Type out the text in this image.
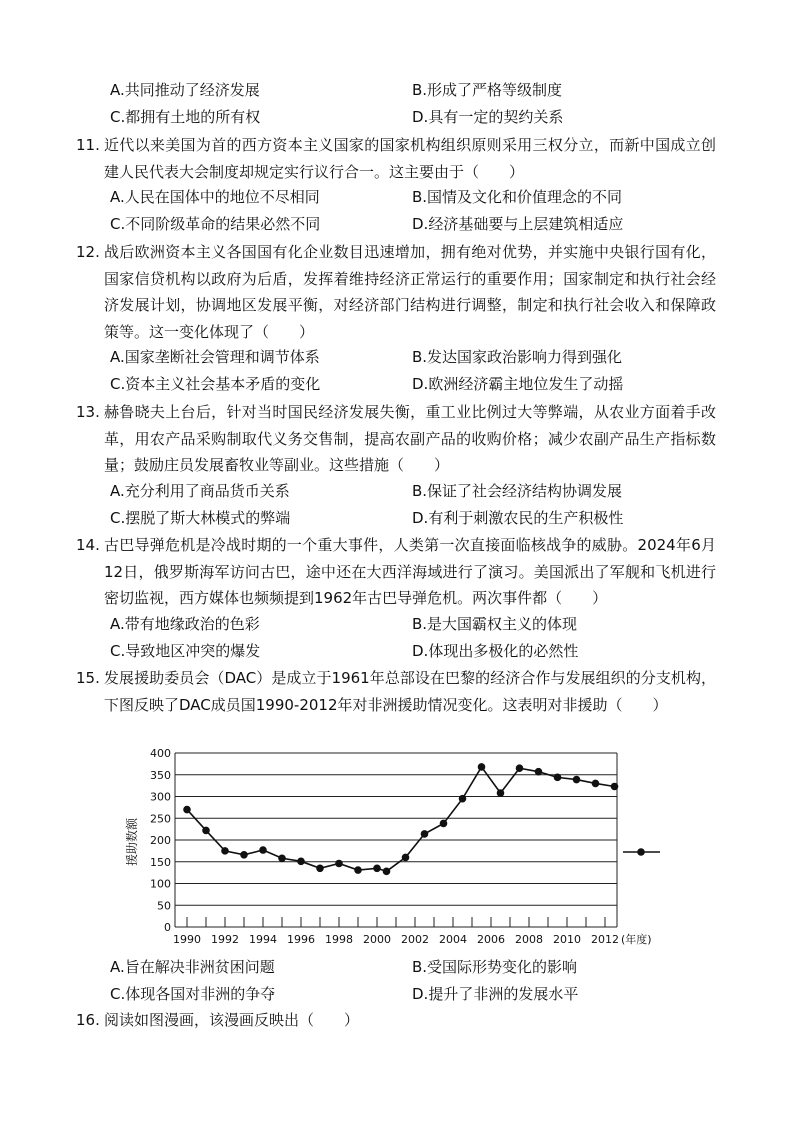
A.共同推动了经济发展	B.形成了严格等级制度
C.都拥有土地的所有权	D.具有一定的契约关系
11. 近代以来美国为首的西方资本主义国家的国家机构组织原则采用三权分立，而新中国成立创建人民代表大会制度却规定实行议行合一。这主要由于（　　）
A.人民在国体中的地位不尽相同	B.国情及文化和价值理念的不同
C.不同阶级革命的结果必然不同	D.经济基础要与上层建筑相适应
12. 战后欧洲资本主义各国国有化企业数目迅速增加，拥有绝对优势，并实施中央银行国有化，国家信贷机构以政府为后盾，发挥着维持经济正常运行的重要作用；国家制定和执行社会经济发展计划，协调地区发展平衡，对经济部门结构进行调整，制定和执行社会收入和保障政策等。这一变化体现了（　　）
A.国家垄断社会管理和调节体系	B.发达国家政治影响力得到强化
C.资本主义社会基本矛盾的变化	D.欧洲经济霸主地位发生了动摇
13. 赫鲁晓夫上台后，针对当时国民经济发展失衡，重工业比例过大等弊端，从农业方面着手改革，用农产品采购制取代义务交售制，提高农副产品的收购价格；减少农副产品生产指标数量；鼓励庄员发展畜牧业等副业。这些措施（　　）
A.充分利用了商品货币关系	B.保证了社会经济结构协调发展
C.摆脱了斯大林模式的弊端	D.有利于刺激农民的生产积极性
14. 古巴导弹危机是冷战时期的一个重大事件，人类第一次直接面临核战争的威胁。2024年6月12日，俄罗斯海军访问古巴，途中还在大西洋海域进行了演习。美国派出了军舰和飞机进行密切监视，西方媒体也频频提到1962年古巴导弹危机。两次事件都（　　）
A.带有地缘政治的色彩	B.是大国霸权主义的体现
C.导致地区冲突的爆发	D.体现出多极化的必然性
15. 发展援助委员会（DAC）是成立于1961年总部设在巴黎的经济合作与发展组织的分支机构，下图反映了DAC成员国1990-2012年对非洲援助情况变化。这表明对非援助（　　）
0
50
100
150
200
250
300
350
400
1990 1992 1994 1996 1998 2000 2002 2004 2006 2008 2010 2012 (年度)
援助数额
A.旨在解决非洲贫困问题	B.受国际形势变化的影响
C.体现各国对非洲的争夺	D.提升了非洲的发展水平
16. 阅读如图漫画，该漫画反映出（　　）
